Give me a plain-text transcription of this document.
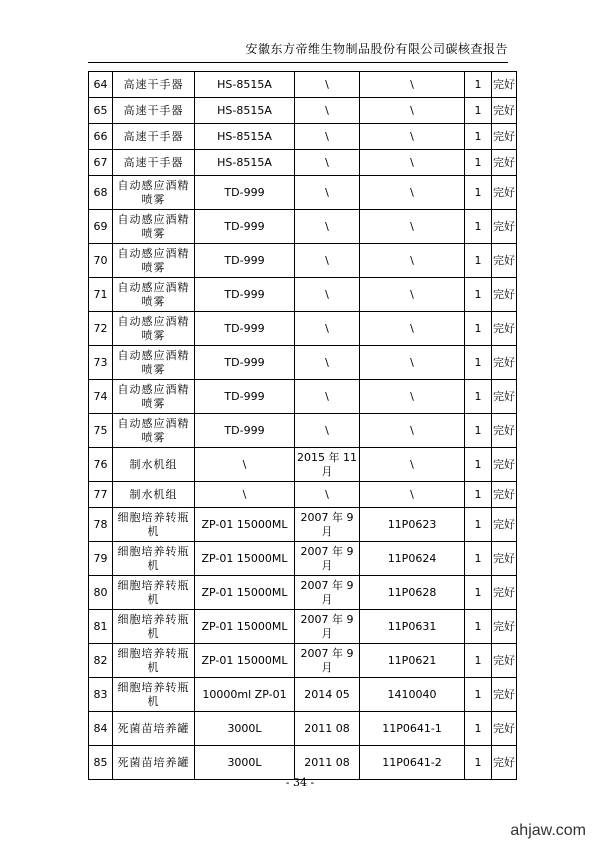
安徽东方帝维生物制品股份有限公司碳核查报告
64	高速干手器	HS-8515A	\	\	1	完好
65	高速干手器	HS-8515A	\	\	1	完好
66	高速干手器	HS-8515A	\	\	1	完好
67	高速干手器	HS-8515A	\	\	1	完好
68	自动感应酒精喷雾	TD-999	\	\	1	完好
69	自动感应酒精喷雾	TD-999	\	\	1	完好
70	自动感应酒精喷雾	TD-999	\	\	1	完好
71	自动感应酒精喷雾	TD-999	\	\	1	完好
72	自动感应酒精喷雾	TD-999	\	\	1	完好
73	自动感应酒精喷雾	TD-999	\	\	1	完好
74	自动感应酒精喷雾	TD-999	\	\	1	完好
75	自动感应酒精喷雾	TD-999	\	\	1	完好
76	制水机组	\	2015 年 11 月	\	1	完好
77	制水机组	\	\	\	1	完好
78	细胞培养转瓶机	ZP-01 15000ML	2007 年 9 月	11P0623	1	完好
79	细胞培养转瓶机	ZP-01 15000ML	2007 年 9 月	11P0624	1	完好
80	细胞培养转瓶机	ZP-01 15000ML	2007 年 9 月	11P0628	1	完好
81	细胞培养转瓶机	ZP-01 15000ML	2007 年 9 月	11P0631	1	完好
82	细胞培养转瓶机	ZP-01 15000ML	2007 年 9 月	11P0621	1	完好
83	细胞培养转瓶机	10000ml ZP-01	2014 05	1410040	1	完好
84	死菌苗培养罐	3000L	2011 08	11P0641-1	1	完好
85	死菌苗培养罐	3000L	2011 08	11P0641-2	1	完好
- 34 -
ahjaw.com
